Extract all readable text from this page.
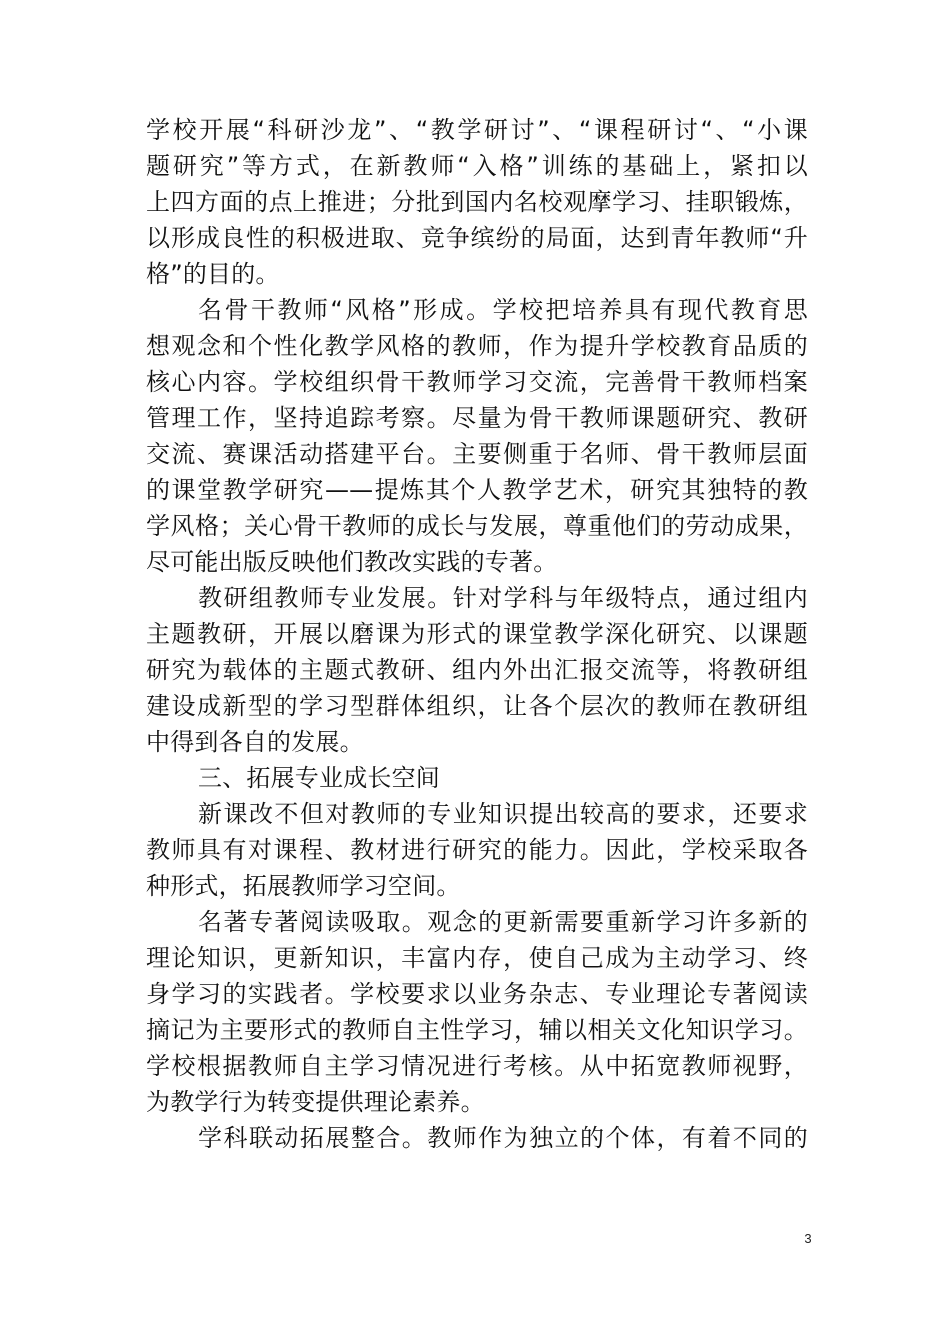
学校开展“科研沙龙”、“教学研讨”、“课程研讨“、“小课
题研究”等方式，在新教师“入格”训练的基础上，紧扣以
上四方面的点上推进；分批到国内名校观摩学习、挂职锻炼，
以形成良性的积极进取、竞争缤纷的局面，达到青年教师“升
格”的目的。
名骨干教师“风格”形成。学校把培养具有现代教育思
想观念和个性化教学风格的教师，作为提升学校教育品质的
核心内容。学校组织骨干教师学习交流，完善骨干教师档案
管理工作，坚持追踪考察。尽量为骨干教师课题研究、教研
交流、赛课活动搭建平台。主要侧重于名师、骨干教师层面
的课堂教学研究——提炼其个人教学艺术，研究其独特的教
学风格；关心骨干教师的成长与发展，尊重他们的劳动成果，
尽可能出版反映他们教改实践的专著。
教研组教师专业发展。针对学科与年级特点，通过组内
主题教研，开展以磨课为形式的课堂教学深化研究、以课题
研究为载体的主题式教研、组内外出汇报交流等，将教研组
建设成新型的学习型群体组织，让各个层次的教师在教研组
中得到各自的发展。
三、拓展专业成长空间
新课改不但对教师的专业知识提出较高的要求，还要求
教师具有对课程、教材进行研究的能力。因此，学校采取各
种形式，拓展教师学习空间。
名著专著阅读吸取。观念的更新需要重新学习许多新的
理论知识，更新知识，丰富内存，使自己成为主动学习、终
身学习的实践者。学校要求以业务杂志、专业理论专著阅读
摘记为主要形式的教师自主性学习，辅以相关文化知识学习。
学校根据教师自主学习情况进行考核。从中拓宽教师视野，
为教学行为转变提供理论素养。
学科联动拓展整合。教师作为独立的个体，有着不同的
3
